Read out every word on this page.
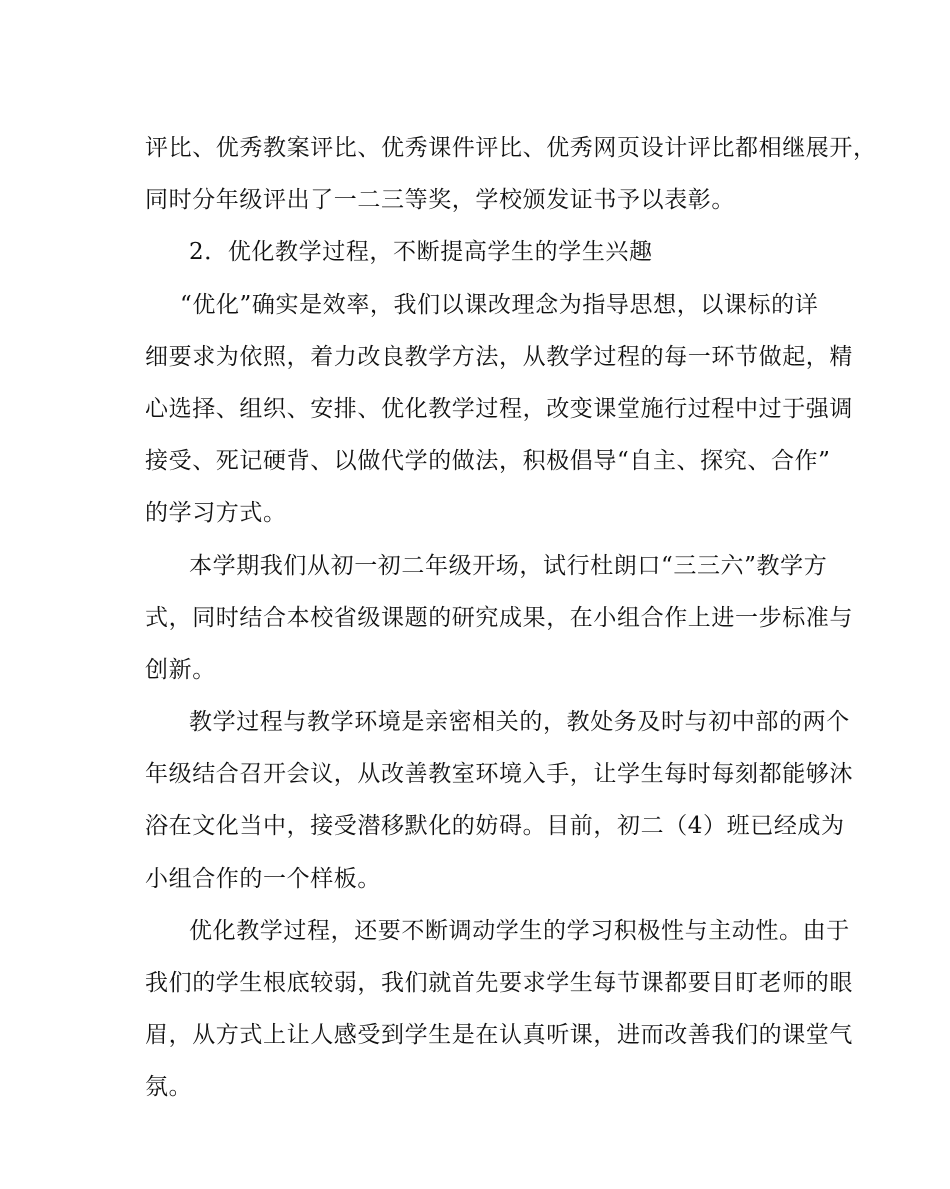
评比、优秀教案评比、优秀课件评比、优秀网页设计评比都相继展开，
同时分年级评出了一二三等奖，学校颁发证书予以表彰。
2．优化教学过程，不断提高学生的学生兴趣
“优化”确实是效率，我们以课改理念为指导思想，以课标的详
细要求为依照，着力改良教学方法，从教学过程的每一环节做起，精
心选择、组织、安排、优化教学过程，改变课堂施行过程中过于强调
接受、死记硬背、以做代学的做法，积极倡导“自主、探究、合作”
的学习方式。
本学期我们从初一初二年级开场，试行杜朗口“三三六”教学方
式，同时结合本校省级课题的研究成果，在小组合作上进一步标准与
创新。
教学过程与教学环境是亲密相关的，教处务及时与初中部的两个
年级结合召开会议，从改善教室环境入手，让学生每时每刻都能够沐
浴在文化当中，接受潜移默化的妨碍。目前，初二（4）班已经成为
小组合作的一个样板。
优化教学过程，还要不断调动学生的学习积极性与主动性。由于
我们的学生根底较弱，我们就首先要求学生每节课都要目盯老师的眼
眉，从方式上让人感受到学生是在认真听课，进而改善我们的课堂气
氛。
